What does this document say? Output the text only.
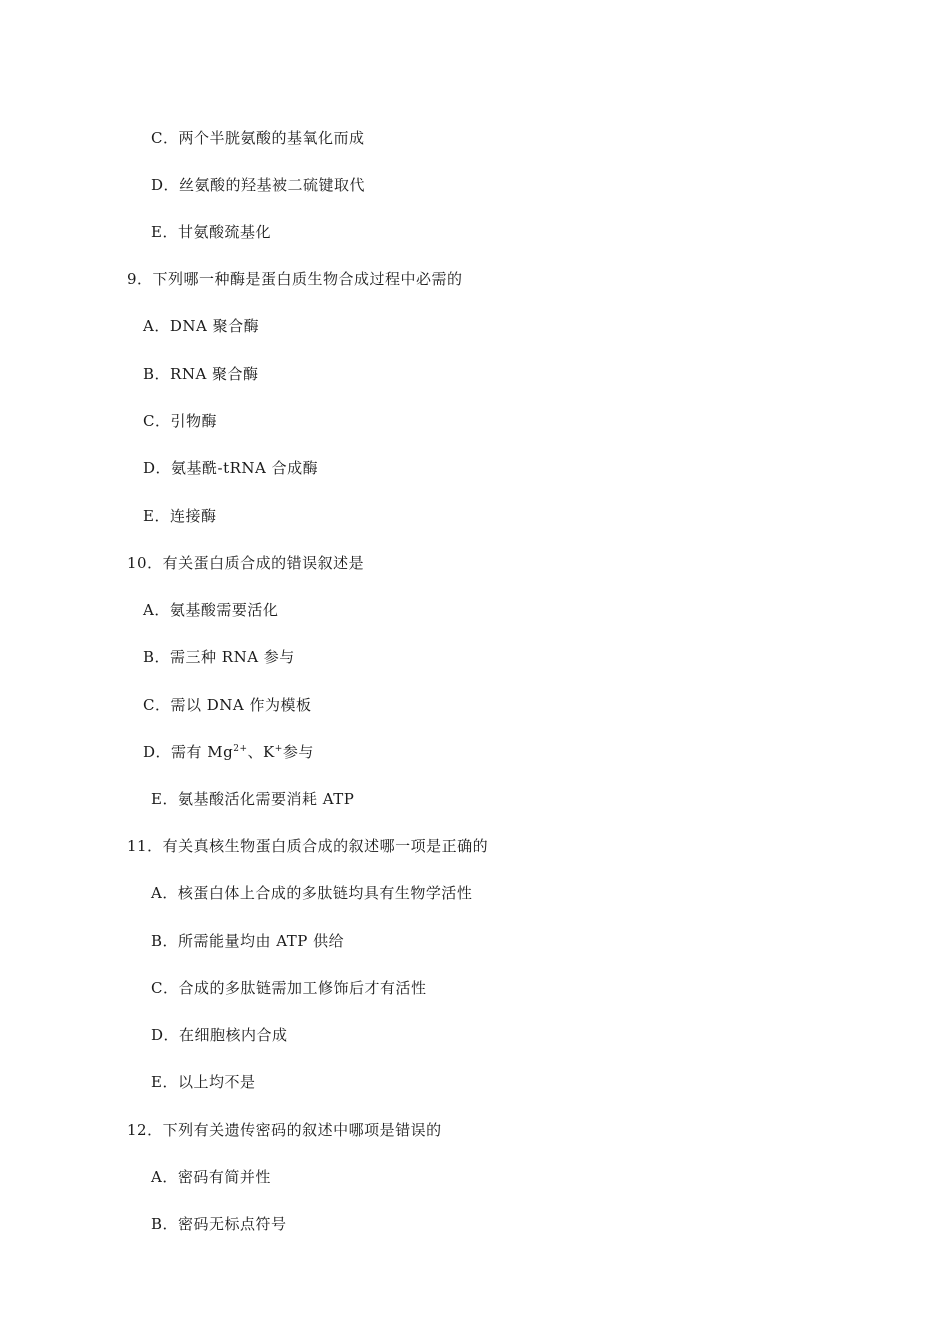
C．两个半胱氨酸的基氧化而成
D．丝氨酸的羟基被二硫键取代
E．甘氨酸巯基化
9．下列哪一种酶是蛋白质生物合成过程中必需的
A．DNA 聚合酶
B．RNA 聚合酶
C．引物酶
D．氨基酰-tRNA 合成酶
E．连接酶
10．有关蛋白质合成的错误叙述是
A．氨基酸需要活化
B．需三种 RNA 参与
C．需以 DNA 作为模板
D．需有 $Mg^{2+}$、K+参与
E．氨基酸活化需要消耗 ATP
11．有关真核生物蛋白质合成的叙述哪一项是正确的
A．核蛋白体上合成的多肽链均具有生物学活性
B．所需能量均由 ATP 供给
C．合成的多肽链需加工修饰后才有活性
D．在细胞核内合成
E．以上均不是
12．下列有关遗传密码的叙述中哪项是错误的
A．密码有简并性
B．密码无标点符号
